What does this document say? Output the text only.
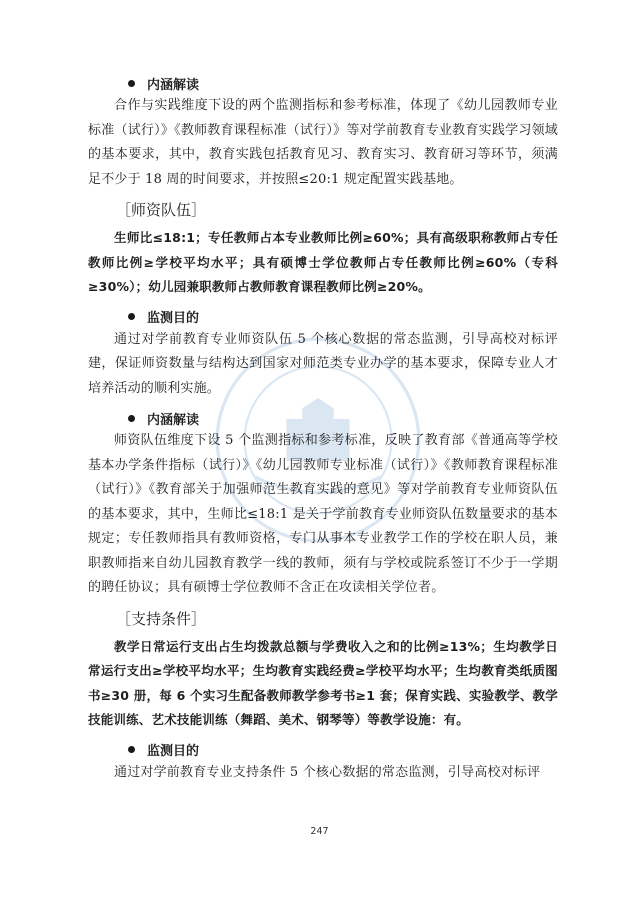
内涵解读

合作与实践维度下设的两个监测指标和参考标准，体现了《幼儿园教师专业标准（试行）》《教师教育课程标准（试行）》等对学前教育专业教育实践学习领域的基本要求，其中，教育实践包括教育见习、教育实习、教育研习等环节，须满足不少于 18 周的时间要求，并按照≤20:1 规定配置实践基地。

［师资队伍］

生师比≤18:1；专任教师占本专业教师比例≥60%；具有高级职称教师占专任教师比例≥学校平均水平；具有硕博士学位教师占专任教师比例≥60%（专科≥30%）；幼儿园兼职教师占教师教育课程教师比例≥20%。

监测目的

通过对学前教育专业师资队伍 5 个核心数据的常态监测，引导高校对标评建，保证师资数量与结构达到国家对师范类专业办学的基本要求，保障专业人才培养活动的顺利实施。

内涵解读

师资队伍维度下设 5 个监测指标和参考标准，反映了教育部《普通高等学校基本办学条件指标（试行）》《幼儿园教师专业标准（试行）》《教师教育课程标准（试行）》《教育部关于加强师范生教育实践的意见》等对学前教育专业师资队伍的基本要求，其中，生师比≤18:1 是关于学前教育专业师资队伍数量要求的基本规定；专任教师指具有教师资格，专门从事本专业教学工作的学校在职人员，兼职教师指来自幼儿园教育教学一线的教师，须有与学校或院系签订不少于一学期的聘任协议；具有硕博士学位教师不含正在攻读相关学位者。

［支持条件］

教学日常运行支出占生均拨款总额与学费收入之和的比例≥13%；生均教学日常运行支出≥学校平均水平；生均教育实践经费≥学校平均水平；生均教育类纸质图书≥30 册，每 6 个实习生配备教师教学参考书≥1 套；保育实践、实验教学、教学技能训练、艺术技能训练（舞蹈、美术、钢琴等）等教学设施：有。

监测目的

通过对学前教育专业支持条件 5 个核心数据的常态监测，引导高校对标评

247
